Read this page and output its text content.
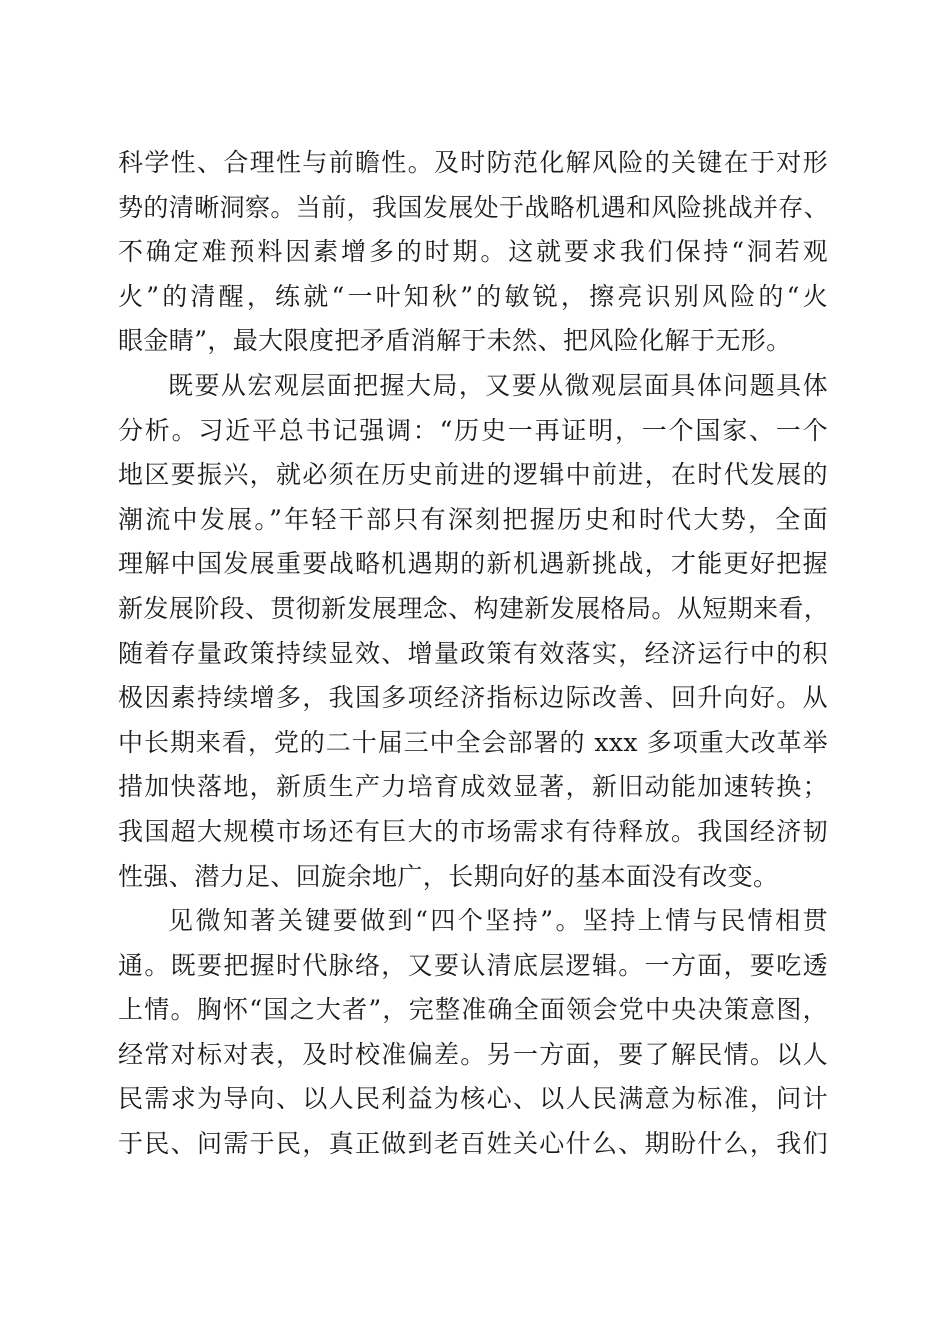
科学性、合理性与前瞻性。及时防范化解风险的关键在于对形
势的清晰洞察。当前，我国发展处于战略机遇和风险挑战并存、
不确定难预料因素增多的时期。这就要求我们保持“洞若观
火”的清醒，练就“一叶知秋”的敏锐，擦亮识别风险的“火
眼金睛”，最大限度把矛盾消解于未然、把风险化解于无形。
既要从宏观层面把握大局，又要从微观层面具体问题具体
分析。习近平总书记强调：“历史一再证明，一个国家、一个
地区要振兴，就必须在历史前进的逻辑中前进，在时代发展的
潮流中发展。”年轻干部只有深刻把握历史和时代大势，全面
理解中国发展重要战略机遇期的新机遇新挑战，才能更好把握
新发展阶段、贯彻新发展理念、构建新发展格局。从短期来看，
随着存量政策持续显效、增量政策有效落实，经济运行中的积
极因素持续增多，我国多项经济指标边际改善、回升向好。从
中长期来看，党的二十届三中全会部署的 xxx 多项重大改革举
措加快落地，新质生产力培育成效显著，新旧动能加速转换；
我国超大规模市场还有巨大的市场需求有待释放。我国经济韧
性强、潜力足、回旋余地广，长期向好的基本面没有改变。
见微知著关键要做到“四个坚持”。坚持上情与民情相贯
通。既要把握时代脉络，又要认清底层逻辑。一方面，要吃透
上情。胸怀“国之大者”，完整准确全面领会党中央决策意图，
经常对标对表，及时校准偏差。另一方面，要了解民情。以人
民需求为导向、以人民利益为核心、以人民满意为标准，问计
于民、问需于民，真正做到老百姓关心什么、期盼什么，我们
